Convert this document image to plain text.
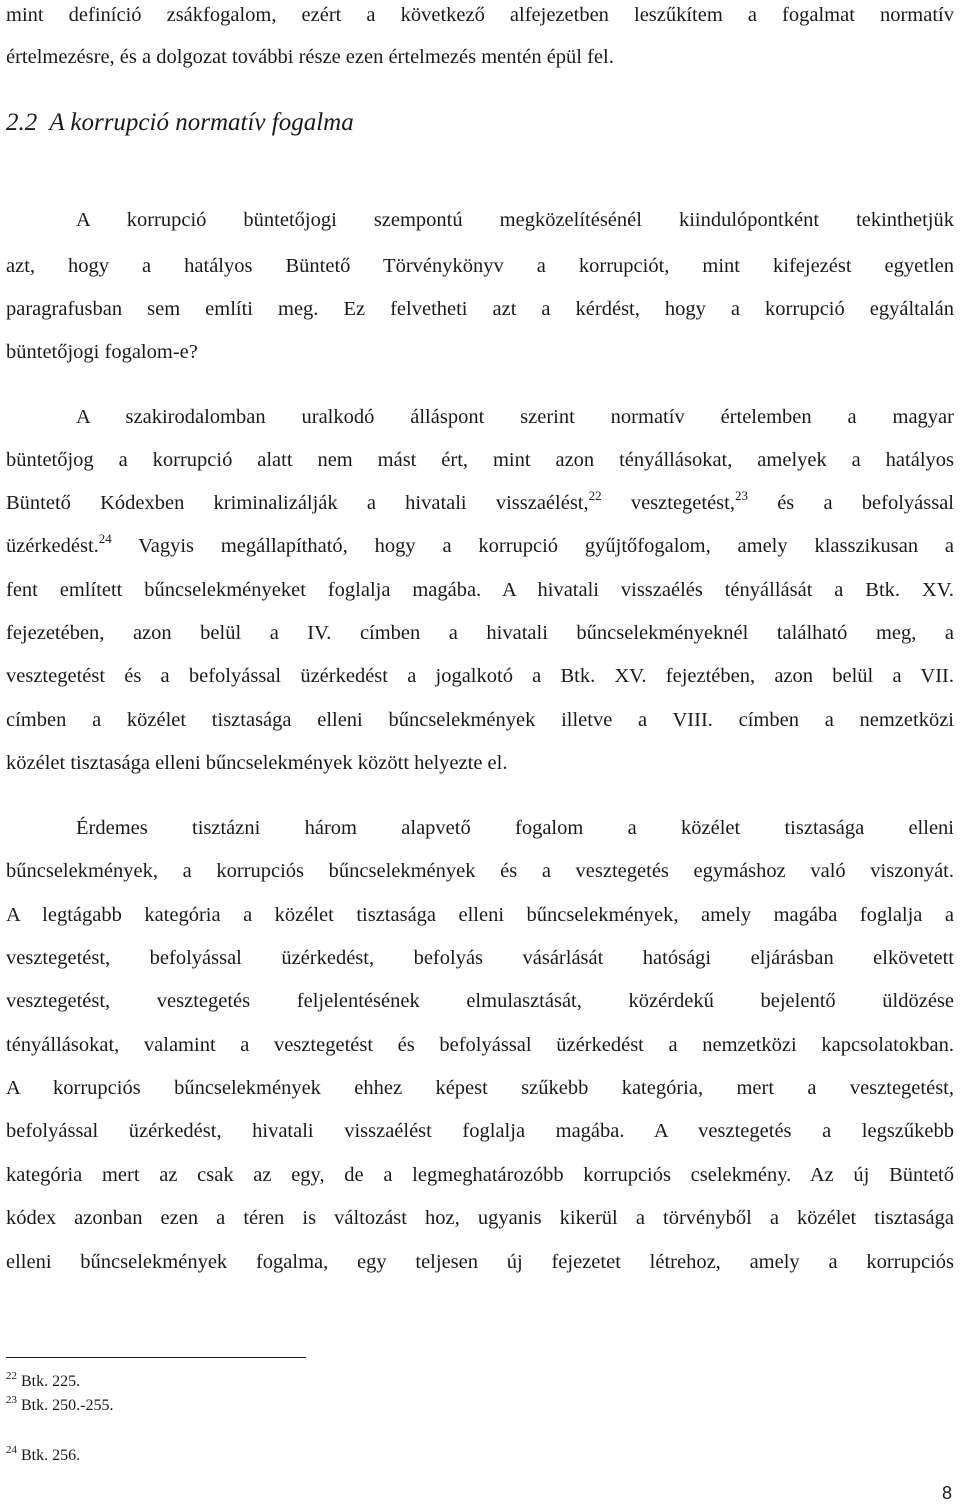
mint definíció zsákfogalom, ezért a következő alfejezetben leszűkítem a fogalmat normatív
értelmezésre, és a dolgozat további része ezen értelmezés mentén épül fel.
2.2 A korrupció normatív fogalma
A korrupció büntetőjogi szempontú megközelítésénél kiindulópontként tekinthetjük
azt, hogy a hatályos Büntető Törvénykönyv a korrupciót, mint kifejezést egyetlen
paragrafusban sem említi meg. Ez felvetheti azt a kérdést, hogy a korrupció egyáltalán
büntetőjogi fogalom-e?
A szakirodalomban uralkodó álláspont szerint normatív értelemben a magyar
büntetőjog a korrupció alatt nem mást ért, mint azon tényállásokat, amelyek a hatályos
Büntető Kódexben kriminalizálják a hivatali visszaélést,$^{22}$ vesztegetést,$^{23}$ és a befolyással
üzérkedést.$^{24}$ Vagyis megállapítható, hogy a korrupció gyűjtőfogalom, amely klasszikusan a
fent említett bűncselekményeket foglalja magába. A hivatali visszaélés tényállását a Btk. XV.
fejezetében, azon belül a IV. címben a hivatali bűncselekményeknél található meg, a
vesztegetést és a befolyással üzérkedést a jogalkotó a Btk. XV. fejeztében, azon belül a VII.
címben a közélet tisztasága elleni bűncselekmények illetve a VIII. címben a nemzetközi
közélet tisztasága elleni bűncselekmények között helyezte el.
Érdemes tisztázni három alapvető fogalom a közélet tisztasága elleni
bűncselekmények, a korrupciós bűncselekmények és a vesztegetés egymáshoz való viszonyát.
A legtágabb kategória a közélet tisztasága elleni bűncselekmények, amely magába foglalja a
vesztegetést, befolyással üzérkedést, befolyás vásárlását hatósági eljárásban elkövetett
vesztegetést, vesztegetés feljelentésének elmulasztását, közérdekű bejelentő üldözése
tényállásokat, valamint a vesztegetést és befolyással üzérkedést a nemzetközi kapcsolatokban.
A korrupciós bűncselekmények ehhez képest szűkebb kategória, mert a vesztegetést,
befolyással üzérkedést, hivatali visszaélést foglalja magába. A vesztegetés a legszűkebb
kategória mert az csak az egy, de a legmeghatározóbb korrupciós cselekmény. Az új Büntető
kódex azonban ezen a téren is változást hoz, ugyanis kikerül a törvényből a közélet tisztasága
elleni bűncselekmények fogalma, egy teljesen új fejezetet létrehoz, amely a korrupciós
$^{22}$ Btk. 225.
$^{23}$ Btk. 250.-255.
$^{24}$ Btk. 256.
8
